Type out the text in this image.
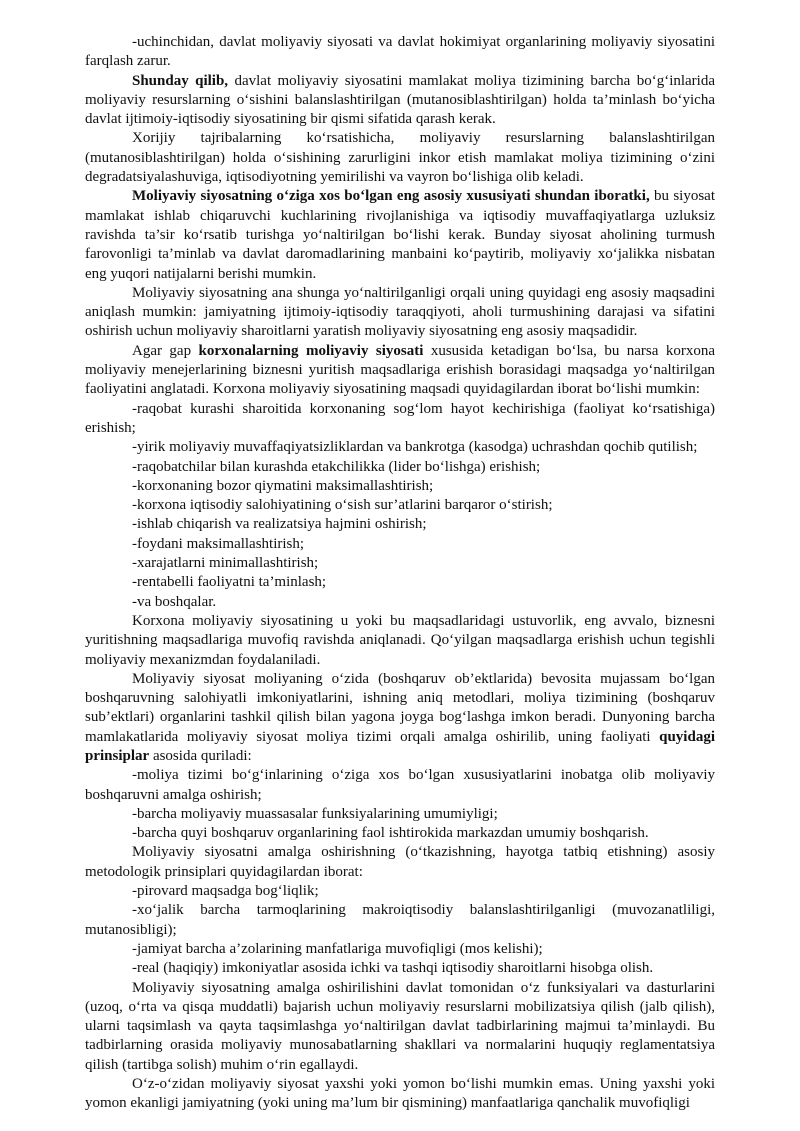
-uchinchidan, davlat moliyaviy siyosati va davlat hokimiyat organlarining moliyaviy siyosatini farqlash zarur.

Shunday qilib, davlat moliyaviy siyosatini mamlakat moliya tizimining barcha bo‘g‘inlarida moliyaviy resurslarning o‘sishini balanslashtirilgan (mutanosiblashtirilgan) holda ta’minlash bo‘yicha davlat ijtimoiy-iqtisodiy siyosatining bir qismi sifatida qarash kerak.

Xorijiy tajribalarning ko‘rsatishicha, moliyaviy resurslarning balanslashtirilgan (mutanosiblashtirilgan) holda o‘sishining zarurligini inkor etish mamlakat moliya tizimining o‘zini degradatsiyalashuviga, iqtisodiyotning yemirilishi va vayron bo‘lishiga olib keladi.

Moliyaviy siyosatning o‘ziga xos bo‘lgan eng asosiy xususiyati shundan iboratki, bu siyosat mamlakat ishlab chiqaruvchi kuchlarining rivojlanishiga va iqtisodiy muvaffaqiyatlarga uzluksiz ravishda ta’sir ko‘rsatib turishga yo‘naltirilgan bo‘lishi kerak. Bunday siyosat aholining turmush farovonligi ta’minlab va davlat daromadlarining manbaini ko‘paytirib, moliyaviy xo‘jalikka nisbatan eng yuqori natijalarni berishi mumkin.

Moliyaviy siyosatning ana shunga yo‘naltirilganligi orqali uning quyidagi eng asosiy maqsadini aniqlash mumkin: jamiyatning ijtimoiy-iqtisodiy taraqqiyoti, aholi turmushining darajasi va sifatini oshirish uchun moliyaviy sharoitlarni yaratish moliyaviy siyosatning eng asosiy maqsadidir.

Agar gap korxonalarning moliyaviy siyosati xususida ketadigan bo‘lsa, bu narsa korxona moliyaviy menejerlarining biznesni yuritish maqsadlariga erishish borasidagi maqsadga yo‘naltirilgan faoliyatini anglatadi. Korxona moliyaviy siyosatining maqsadi quyidagilardan iborat bo‘lishi mumkin:

-raqobat kurashi sharoitida korxonaning sog‘lom hayot kechirishiga (faoliyat ko‘rsatishiga) erishish;

-yirik moliyaviy muvaffaqiyatsizliklardan va bankrotga (kasodga) uchrashdan qochib qutilish;

-raqobatchilar bilan kurashda etakchilikka (lider bo‘lishga) erishish;

-korxonaning bozor qiymatini maksimallashtirish;

-korxona iqtisodiy salohiyatining o‘sish sur’atlarini barqaror o‘stirish;

-ishlab chiqarish va realizatsiya hajmini oshirish;

-foydani maksimallashtirish;

-xarajatlarni minimallashtirish;

-rentabelli faoliyatni ta’minlash;

-va boshqalar.

Korxona moliyaviy siyosatining u yoki bu maqsadlaridagi ustuvorlik, eng avvalo, biznesni yuritishning maqsadlariga muvofiq ravishda aniqlanadi. Qo‘yilgan maqsadlarga erishish uchun tegishli moliyaviy mexanizmdan foydalaniladi.

Moliyaviy siyosat moliyaning o‘zida (boshqaruv ob’ektlarida) bevosita mujassam bo‘lgan boshqaruvning salohiyatli imkoniyatlarini, ishning aniq metodlari, moliya tizimining (boshqaruv sub’ektlari) organlarini tashkil qilish bilan yagona joyga bog‘lashga imkon beradi. Dunyoning barcha mamlakatlarida moliyaviy siyosat moliya tizimi orqali amalga oshirilib, uning faoliyati quyidagi prinsiplar asosida quriladi:

-moliya tizimi bo‘g‘inlarining o‘ziga xos bo‘lgan xususiyatlarini inobatga olib moliyaviy boshqaruvni amalga oshirish;

-barcha moliyaviy muassasalar funksiyalarining umumiyligi;

-barcha quyi boshqaruv organlarining faol ishtirokida markazdan umumiy boshqarish.

Moliyaviy siyosatni amalga oshirishning (o‘tkazishning, hayotga tatbiq etishning) asosiy metodologik prinsiplari quyidagilardan iborat:

-pirovard maqsadga bog‘liqlik;

-xo‘jalik barcha tarmoqlarining makroiqtisodiy balanslashtirilganligi (muvozanatliligi, mutanosibligi);

-jamiyat barcha a’zolarining manfatlariga muvofiqligi (mos kelishi);

-real (haqiqiy) imkoniyatlar asosida ichki va tashqi iqtisodiy sharoitlarni hisobga olish.

Moliyaviy siyosatning amalga oshirilishini davlat tomonidan o‘z funksiyalari va dasturlarini (uzoq, o‘rta va qisqa muddatli) bajarish uchun moliyaviy resurslarni mobilizatsiya qilish (jalb qilish), ularni taqsimlash va qayta taqsimlashga yo‘naltirilgan davlat tadbirlarining majmui ta’minlaydi. Bu tadbirlarning orasida moliyaviy munosabatlarning shakllari va normalarini huquqiy reglamentatsiya qilish (tartibga solish) muhim o‘rin egallaydi.

O‘z-o‘zidan moliyaviy siyosat yaxshi yoki yomon bo‘lishi mumkin emas. Uning yaxshi yoki yomon ekanligi jamiyatning (yoki uning ma’lum bir qismining) manfaatlariga qanchalik muvofiqligi
